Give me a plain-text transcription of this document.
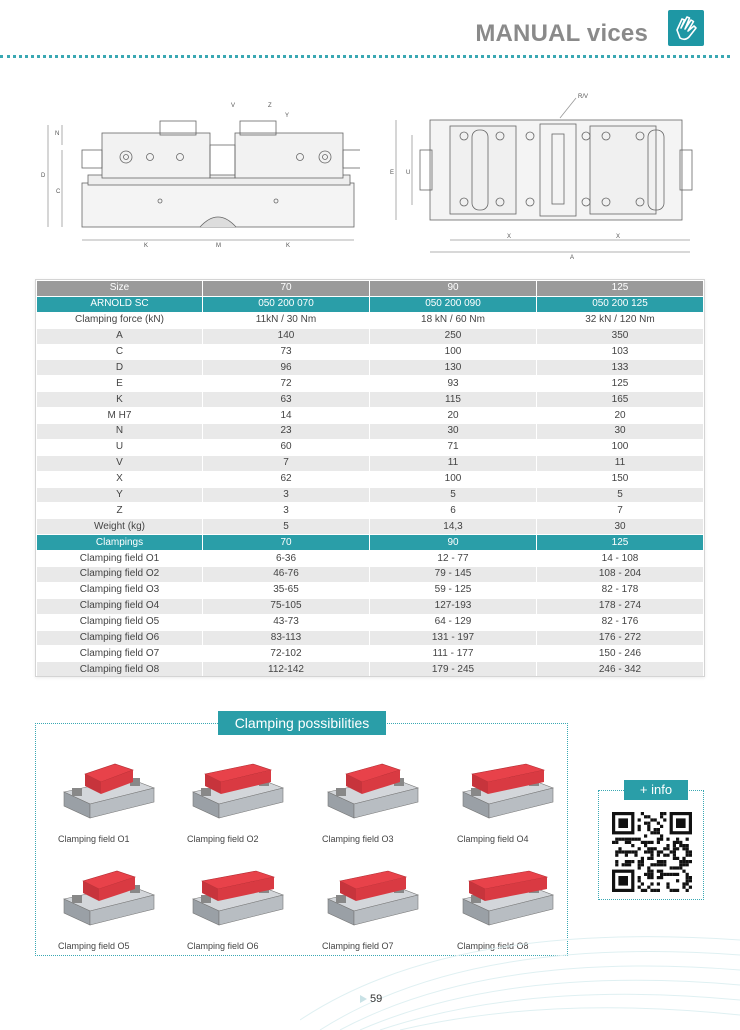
MANUAL vices
N
D
C
K	M	K
V	Z
Y
R/V
E U
X	X
A
Size	70	90	125
ARNOLD SC	050 200 070	050 200 090	050 200 125
Clamping force (kN)	11kN / 30 Nm	18 kN / 60 Nm	32 kN / 120 Nm
A	140	250	350
C	73	100	103
D	96	130	133
E	72	93	125
K	63	115	165
M H7	14	20	20
N	23	30	30
U	60	71	100
V	7	11	11
X	62	100	150
Y	3	5	5
Z	3	6	7
Weight (kg)	5	14,3	30
Clampings	70	90	125
Clamping field O1	6-36	12 - 77	14 - 108
Clamping field O2	46-76	79 - 145	108 - 204
Clamping field O3	35-65	59 - 125	82 - 178
Clamping field O4	75-105	127-193	178 - 274
Clamping field O5	43-73	64 - 129	82 - 176
Clamping field O6	83-113	131 - 197	176 - 272
Clamping field O7	72-102	111 - 177	150 - 246
Clamping field O8	112-142	179 - 245	246 - 342
Clamping possibilities
Clamping field O1	Clamping field O2	Clamping field O3	Clamping field O4
Clamping field O5	Clamping field O6	Clamping field O7	Clamping field O8
+ info
59
